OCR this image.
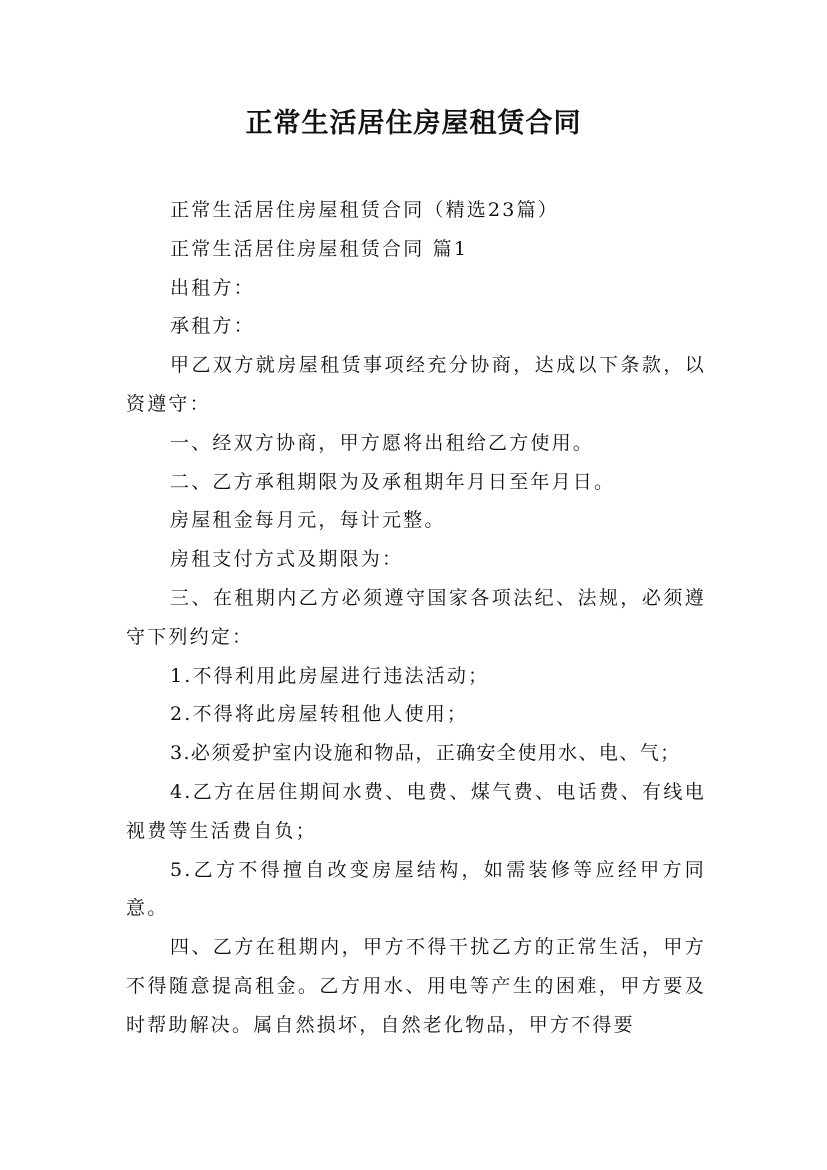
正常生活居住房屋租赁合同

正常生活居住房屋租赁合同（精选23篇）

正常生活居住房屋租赁合同 篇1

出租方：

承租方：

甲乙双方就房屋租赁事项经充分协商，达成以下条款，以资遵守：

一、经双方协商，甲方愿将出租给乙方使用。

二、乙方承租期限为及承租期年月日至年月日。

房屋租金每月元，每计元整。

房租支付方式及期限为：

三、在租期内乙方必须遵守国家各项法纪、法规，必须遵守下列约定：

1.不得利用此房屋进行违法活动；

2.不得将此房屋转租他人使用；

3.必须爱护室内设施和物品，正确安全使用水、电、气；

4.乙方在居住期间水费、电费、煤气费、电话费、有线电视费等生活费自负；

5.乙方不得擅自改变房屋结构，如需装修等应经甲方同意。

四、乙方在租期内，甲方不得干扰乙方的正常生活，甲方不得随意提高租金。乙方用水、用电等产生的困难，甲方要及时帮助解决。属自然损坏，自然老化物品，甲方不得要
